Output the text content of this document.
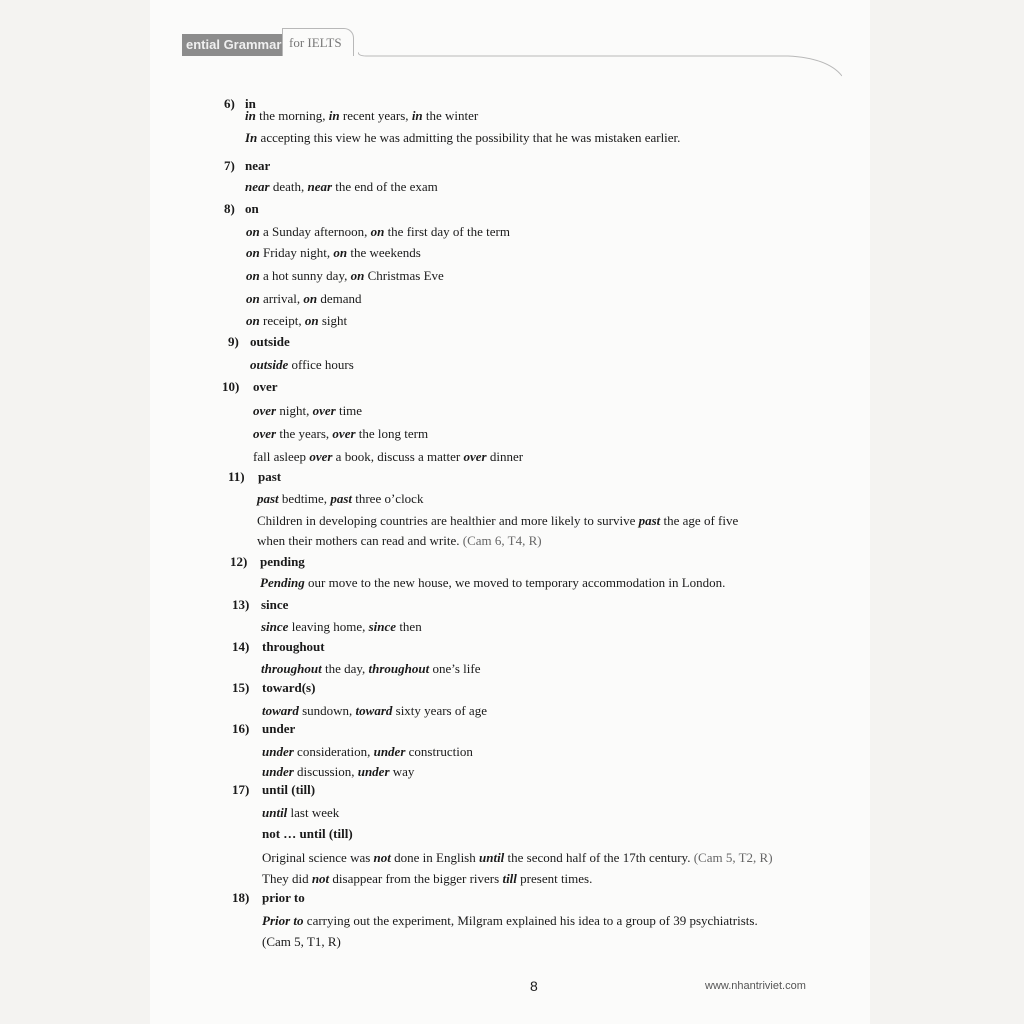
ential Grammar for IELTS
6) in
in the morning, in recent years, in the winter
In accepting this view he was admitting the possibility that he was mistaken earlier.
7) near
near death, near the end of the exam
8) on
on a Sunday afternoon, on the first day of the term
on Friday night, on the weekends
on a hot sunny day, on Christmas Eve
on arrival, on demand
on receipt, on sight
9) outside
outside office hours
10) over
over night, over time
over the years, over the long term
fall asleep over a book, discuss a matter over dinner
11) past
past bedtime, past three o’clock
Children in developing countries are healthier and more likely to survive past the age of five
when their mothers can read and write. (Cam 6, T4, R)
12) pending
Pending our move to the new house, we moved to temporary accommodation in London.
13) since
since leaving home, since then
14) throughout
throughout the day, throughout one’s life
15) toward(s)
toward sundown, toward sixty years of age
16) under
under consideration, under construction
under discussion, under way
17) until (till)
until last week
not … until (till)
Original science was not done in English until the second half of the 17th century. (Cam 5, T2, R)
They did not disappear from the bigger rivers till present times.
18) prior to
Prior to carrying out the experiment, Milgram explained his idea to a group of 39 psychiatrists.
(Cam 5, T1, R)
8	www.nhantriviet.com
